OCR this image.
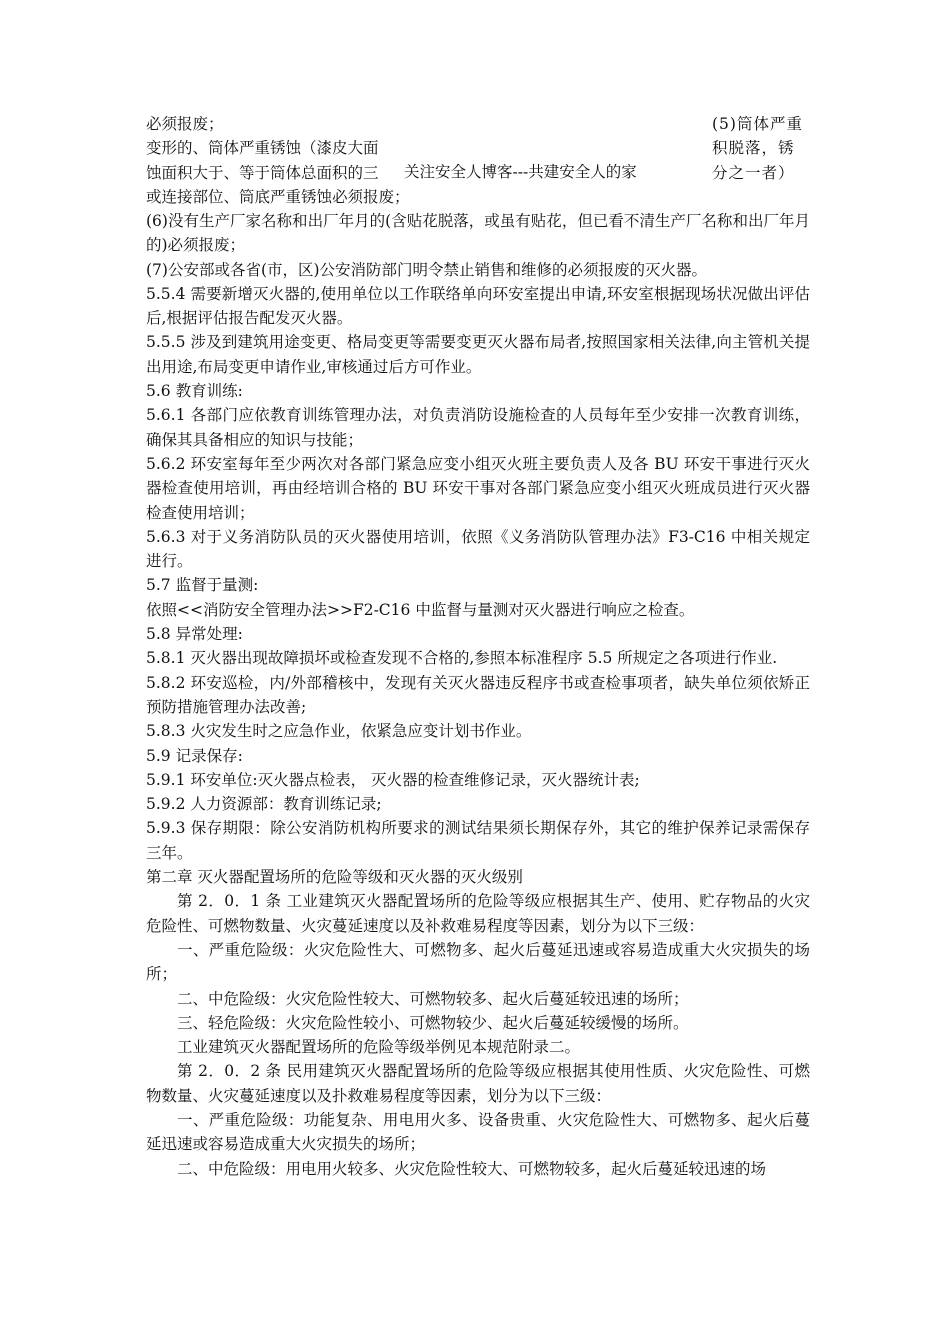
必须报废；
变形的、筒体严重锈蚀（漆皮大面
蚀面积大于、等于筒体总面积的三
或连接部位、筒底严重锈蚀必须报废；
关注安全人博客---共建安全人的家
(5)筒体严重
积脱落，锈
分之一者）
(6)没有生产厂家名称和出厂年月的(含贴花脱落，或虽有贴花，但已看不清生产厂名称和出厂年月的)必须报废；
(7)公安部或各省(市，区)公安消防部门明令禁止销售和维修的必须报废的灭火器。
5.5.4 需要新增灭火器的,使用单位以工作联络单向环安室提出申请,环安室根据现场状况做出评估后,根据评估报告配发灭火器。
5.5.5 涉及到建筑用途变更、格局变更等需要变更灭火器布局者,按照国家相关法律,向主管机关提出用途,布局变更申请作业,审核通过后方可作业。
5.6 教育训练:
5.6.1 各部门应依教育训练管理办法，对负责消防设施检查的人员每年至少安排一次教育训练，确保其具备相应的知识与技能；
5.6.2 环安室每年至少两次对各部门紧急应变小组灭火班主要负责人及各 BU 环安干事进行灭火器检查使用培训，再由经培训合格的 BU 环安干事对各部门紧急应变小组灭火班成员进行灭火器检查使用培训；
5.6.3 对于义务消防队员的灭火器使用培训，依照《义务消防队管理办法》F3-C16 中相关规定进行。
5.7 监督于量测:
依照<<消防安全管理办法>>F2-C16 中监督与量测对灭火器进行响应之检查。
5.8 异常处理:
5.8.1 灭火器出现故障损坏或检查发现不合格的,参照本标准程序 5.5 所规定之各项进行作业.
5.8.2 环安巡检，内/外部稽核中，发现有关灭火器违反程序书或查检事项者，缺失单位须依矫正预防措施管理办法改善;
5.8.3 火灾发生时之应急作业，依紧急应变计划书作业。
5.9 记录保存:
5.9.1 环安单位:灭火器点检表， 灭火器的检查维修记录，灭火器统计表;
5.9.2 人力资源部：教育训练记录;
5.9.3 保存期限：除公安消防机构所要求的测试结果须长期保存外，其它的维护保养记录需保存三年。
第二章 灭火器配置场所的危险等级和灭火器的灭火级别
第 2．0．1 条 工业建筑灭火器配置场所的危险等级应根据其生产、使用、贮存物品的火灾危险性、可燃物数量、火灾蔓延速度以及补救难易程度等因素，划分为以下三级：
一、严重危险级：火灾危险性大、可燃物多、起火后蔓延迅速或容易造成重大火灾损失的场所；
二、中危险级：火灾危险性较大、可燃物较多、起火后蔓延较迅速的场所；
三、轻危险级：火灾危险性较小、可燃物较少、起火后蔓延较缓慢的场所。
工业建筑灭火器配置场所的危险等级举例见本规范附录二。
第 2．0．2 条 民用建筑灭火器配置场所的危险等级应根据其使用性质、火灾危险性、可燃物数量、火灾蔓延速度以及扑救难易程度等因素，划分为以下三级：
一、严重危险级：功能复杂、用电用火多、设备贵重、火灾危险性大、可燃物多、起火后蔓延迅速或容易造成重大火灾损失的场所；
二、中危险级：用电用火较多、火灾危险性较大、可燃物较多，起火后蔓延较迅速的场
